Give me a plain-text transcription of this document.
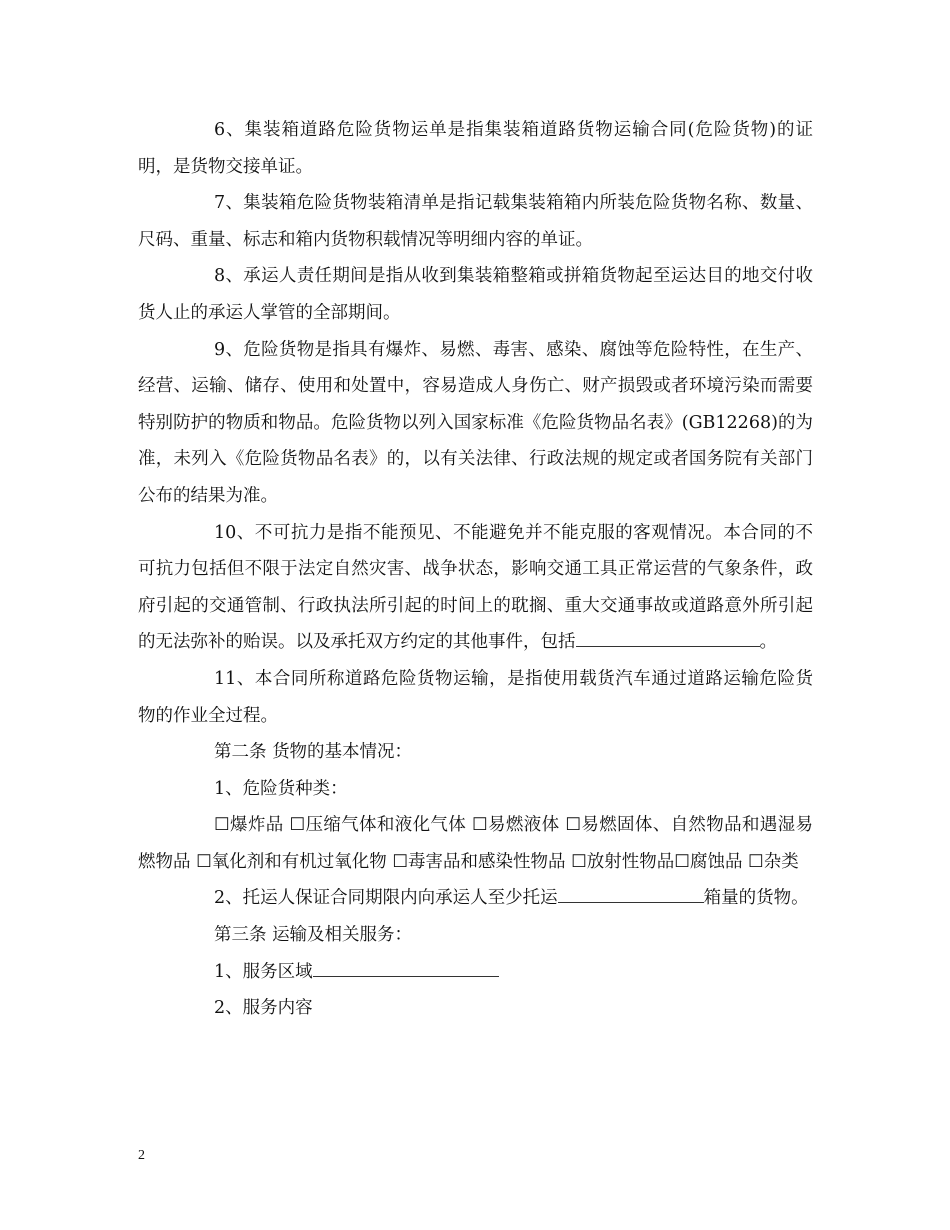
6、集装箱道路危险货物运单是指集装箱道路货物运输合同(危险货物)的证明，是货物交接单证。

7、集装箱危险货物装箱清单是指记载集装箱箱内所装危险货物名称、数量、尺码、重量、标志和箱内货物积载情况等明细内容的单证。

8、承运人责任期间是指从收到集装箱整箱或拼箱货物起至运达目的地交付收货人止的承运人掌管的全部期间。

9、危险货物是指具有爆炸、易燃、毒害、感染、腐蚀等危险特性，在生产、经营、运输、储存、使用和处置中，容易造成人身伤亡、财产损毁或者环境污染而需要特别防护的物质和物品。危险货物以列入国家标准《危险货物品名表》(GB12268)的为准，未列入《危险货物品名表》的，以有关法律、行政法规的规定或者国务院有关部门公布的结果为准。

10、不可抗力是指不能预见、不能避免并不能克服的客观情况。本合同的不可抗力包括但不限于法定自然灾害、战争状态，影响交通工具正常运营的气象条件，政府引起的交通管制、行政执法所引起的时间上的耽搁、重大交通事故或道路意外所引起的无法弥补的贻误。以及承托双方约定的其他事件，包括	。

11、本合同所称道路危险货物运输，是指使用载货汽车通过道路运输危险货物的作业全过程。

第二条 货物的基本情况：

1、危险货种类：

☐爆炸品 ☐压缩气体和液化气体 ☐易燃液体 ☐易燃固体、自然物品和遇湿易燃物品 ☐氧化剂和有机过氧化物 ☐毒害品和感染性物品 ☐放射性物品☐腐蚀品 ☐杂类

2、托运人保证合同期限内向承运人至少托运	箱量的货物。

第三条 运输及相关服务：

1、服务区域

2、服务内容

2
